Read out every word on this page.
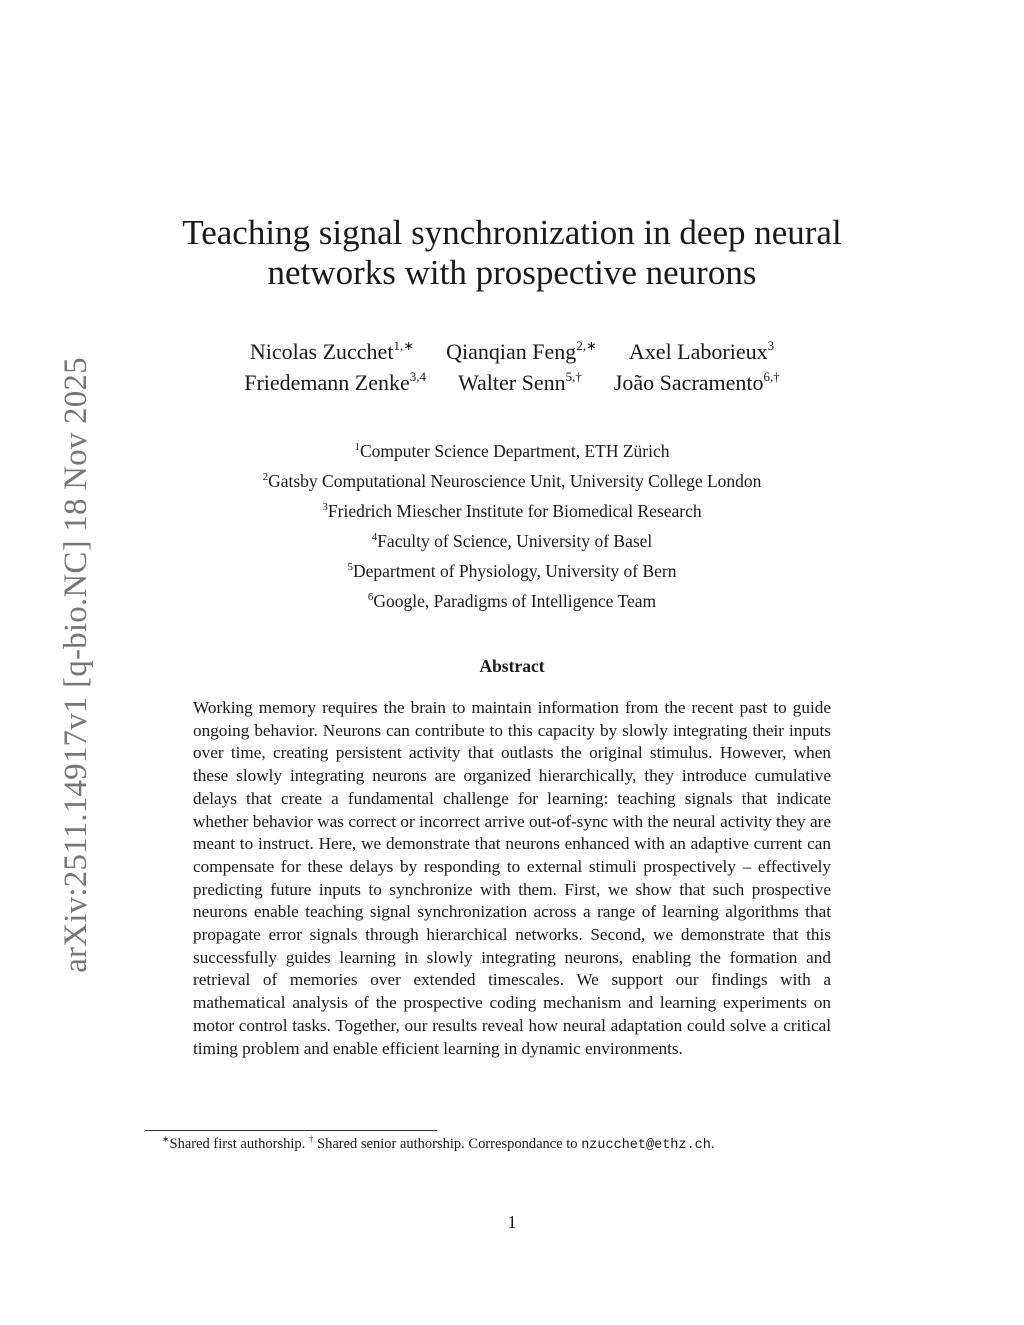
arXiv:2511.14917v1 [q-bio.NC] 18 Nov 2025
Teaching signal synchronization in deep neural networks with prospective neurons
Nicolas Zucchet$^{1,∗}$ Qianqian Feng$^{2,∗}$ Axel Laborieux$^3$
Friedemann Zenke$^{3,4}$ Walter Senn$^{5,\dagger}$ João Sacramento$^{6,\dagger}$
$^1$Computer Science Department, ETH Zürich
$^2$Gatsby Computational Neuroscience Unit, University College London
$^3$Friedrich Miescher Institute for Biomedical Research
$^4$Faculty of Science, University of Basel
$^5$Department of Physiology, University of Bern
$^6$Google, Paradigms of Intelligence Team
Abstract

Working memory requires the brain to maintain information from the recent past to guide ongoing behavior. Neurons can contribute to this capacity by slowly integrating their inputs over time, creating persistent activity that outlasts the original stimulus. However, when these slowly integrating neurons are organized hierarchically, they introduce cumulative delays that create a fundamental challenge for learning: teaching signals that indicate whether behavior was correct or incorrect arrive out-of-sync with the neural activity they are meant to instruct. Here, we demonstrate that neurons enhanced with an adaptive current can compensate for these delays by responding to external stimuli prospectively – effectively predicting future inputs to synchronize with them. First, we show that such prospective neurons enable teaching signal synchronization across a range of learning algorithms that propagate error signals through hierarchical networks. Second, we demonstrate that this successfully guides learning in slowly integrating neurons, enabling the formation and retrieval of memories over extended timescales. We support our findings with a mathematical analysis of the prospective coding mechanism and learning experiments on motor control tasks. Together, our results reveal how neural adaptation could solve a critical timing problem and enable efficient learning in dynamic environments.

∗Shared first authorship. † Shared senior authorship. Correspondance to nzucchet@ethz.ch.
1
